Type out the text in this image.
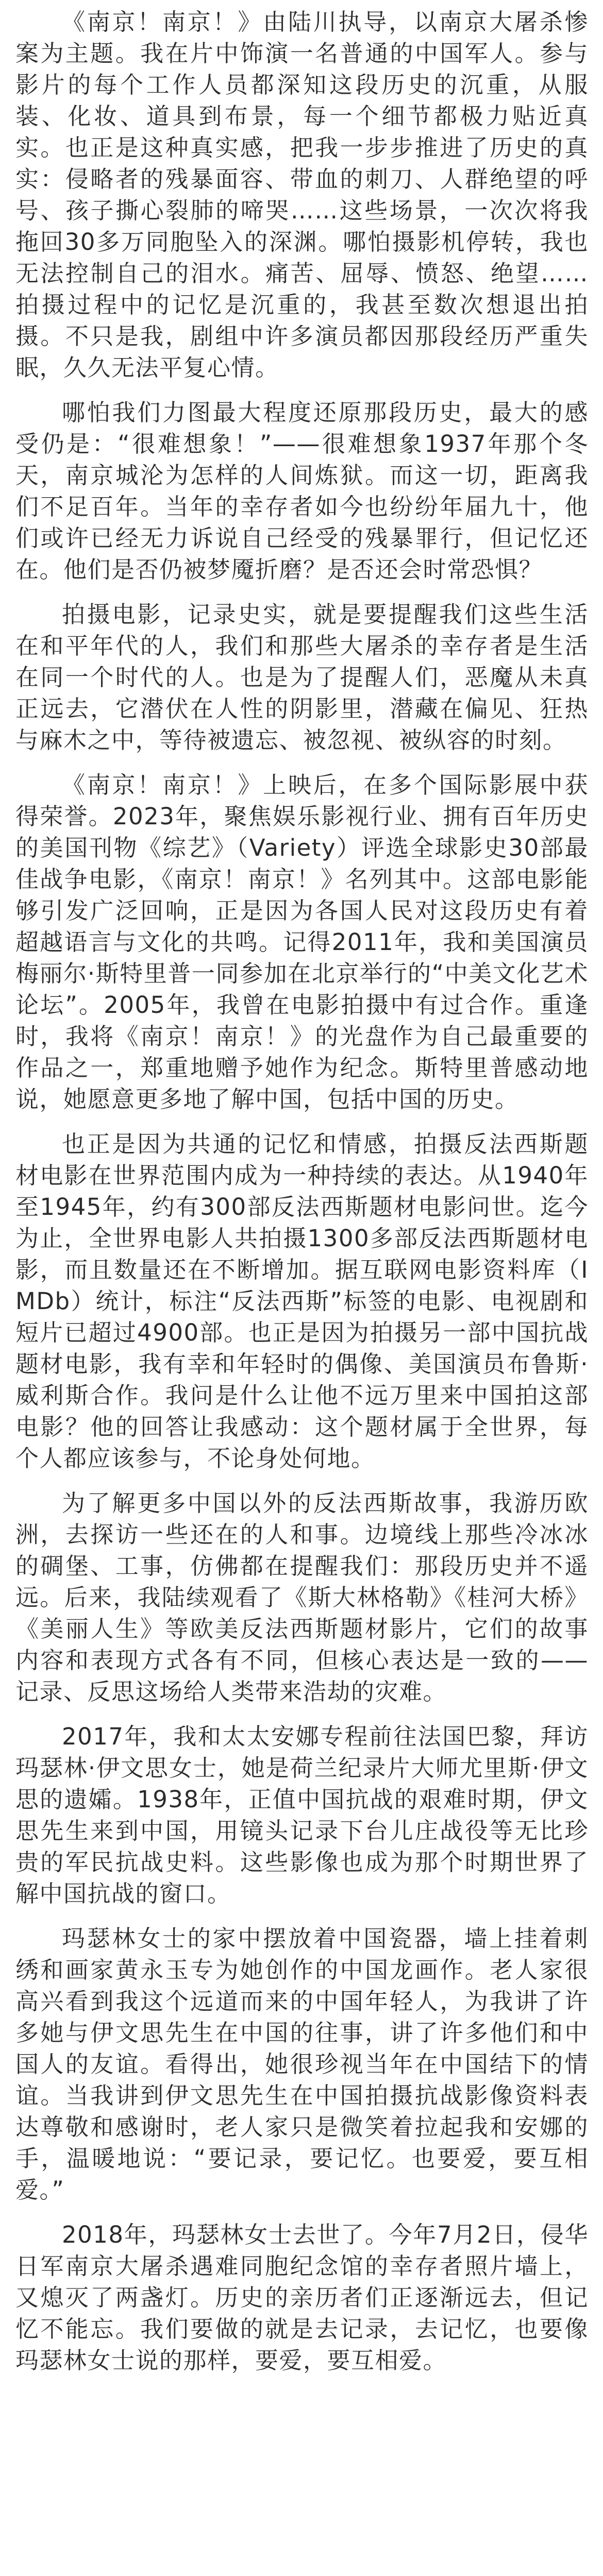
《南京！南京！》由陆川执导，以南京大屠杀惨案为主题。我在片中饰演一名普通的中国军人。参与影片的每个工作人员都深知这段历史的沉重，从服装、化妆、道具到布景，每一个细节都极力贴近真实。也正是这种真实感，把我一步步推进了历史的真实：侵略者的残暴面容、带血的刺刀、人群绝望的呼号、孩子撕心裂肺的啼哭……这些场景，一次次将我拖回30多万同胞坠入的深渊。哪怕摄影机停转，我也无法控制自己的泪水。痛苦、屈辱、愤怒、绝望……拍摄过程中的记忆是沉重的，我甚至数次想退出拍摄。不只是我，剧组中许多演员都因那段经历严重失眠，久久无法平复心情。

哪怕我们力图最大程度还原那段历史，最大的感受仍是：“很难想象！”——很难想象1937年那个冬天，南京城沦为怎样的人间炼狱。而这一切，距离我们不足百年。当年的幸存者如今也纷纷年届九十，他们或许已经无力诉说自己经受的残暴罪行，但记忆还在。他们是否仍被梦魇折磨？是否还会时常恐惧？

拍摄电影，记录史实，就是要提醒我们这些生活在和平年代的人，我们和那些大屠杀的幸存者是生活在同一个时代的人。也是为了提醒人们，恶魔从未真正远去，它潜伏在人性的阴影里，潜藏在偏见、狂热与麻木之中，等待被遗忘、被忽视、被纵容的时刻。

《南京！南京！》上映后，在多个国际影展中获得荣誉。2023年，聚焦娱乐影视行业、拥有百年历史的美国刊物《综艺》（Variety）评选全球影史30部最佳战争电影，《南京！南京！》名列其中。这部电影能够引发广泛回响，正是因为各国人民对这段历史有着超越语言与文化的共鸣。记得2011年，我和美国演员梅丽尔·斯特里普一同参加在北京举行的“中美文化艺术论坛”。2005年，我曾在电影拍摄中有过合作。重逢时，我将《南京！南京！》的光盘作为自己最重要的作品之一，郑重地赠予她作为纪念。斯特里普感动地说，她愿意更多地了解中国，包括中国的历史。

也正是因为共通的记忆和情感，拍摄反法西斯题材电影在世界范围内成为一种持续的表达。从1940年至1945年，约有300部反法西斯题材电影问世。迄今为止，全世界电影人共拍摄1300多部反法西斯题材电影，而且数量还在不断增加。据互联网电影资料库（IMDb）统计，标注“反法西斯”标签的电影、电视剧和短片已超过4900部。也正是因为拍摄另一部中国抗战题材电影，我有幸和年轻时的偶像、美国演员布鲁斯·威利斯合作。我问是什么让他不远万里来中国拍这部电影？他的回答让我感动：这个题材属于全世界，每个人都应该参与，不论身处何地。

为了解更多中国以外的反法西斯故事，我游历欧洲，去探访一些还在的人和事。边境线上那些冷冰冰的碉堡、工事，仿佛都在提醒我们：那段历史并不遥远。后来，我陆续观看了《斯大林格勒》《桂河大桥》《美丽人生》等欧美反法西斯题材影片，它们的故事内容和表现方式各有不同，但核心表达是一致的——记录、反思这场给人类带来浩劫的灾难。

2017年，我和太太安娜专程前往法国巴黎，拜访玛瑟林·伊文思女士，她是荷兰纪录片大师尤里斯·伊文思的遗孀。1938年，正值中国抗战的艰难时期，伊文思先生来到中国，用镜头记录下台儿庄战役等无比珍贵的军民抗战史料。这些影像也成为那个时期世界了解中国抗战的窗口。

玛瑟林女士的家中摆放着中国瓷器，墙上挂着刺绣和画家黄永玉专为她创作的中国龙画作。老人家很高兴看到我这个远道而来的中国年轻人，为我讲了许多她与伊文思先生在中国的往事，讲了许多他们和中国人的友谊。看得出，她很珍视当年在中国结下的情谊。当我讲到伊文思先生在中国拍摄抗战影像资料表达尊敬和感谢时，老人家只是微笑着拉起我和安娜的手，温暖地说：“要记录，要记忆。也要爱，要互相爱。”

2018年，玛瑟林女士去世了。今年7月2日，侵华日军南京大屠杀遇难同胞纪念馆的幸存者照片墙上，又熄灭了两盏灯。历史的亲历者们正逐渐远去，但记忆不能忘。我们要做的就是去记录，去记忆，也要像玛瑟林女士说的那样，要爱，要互相爱。
